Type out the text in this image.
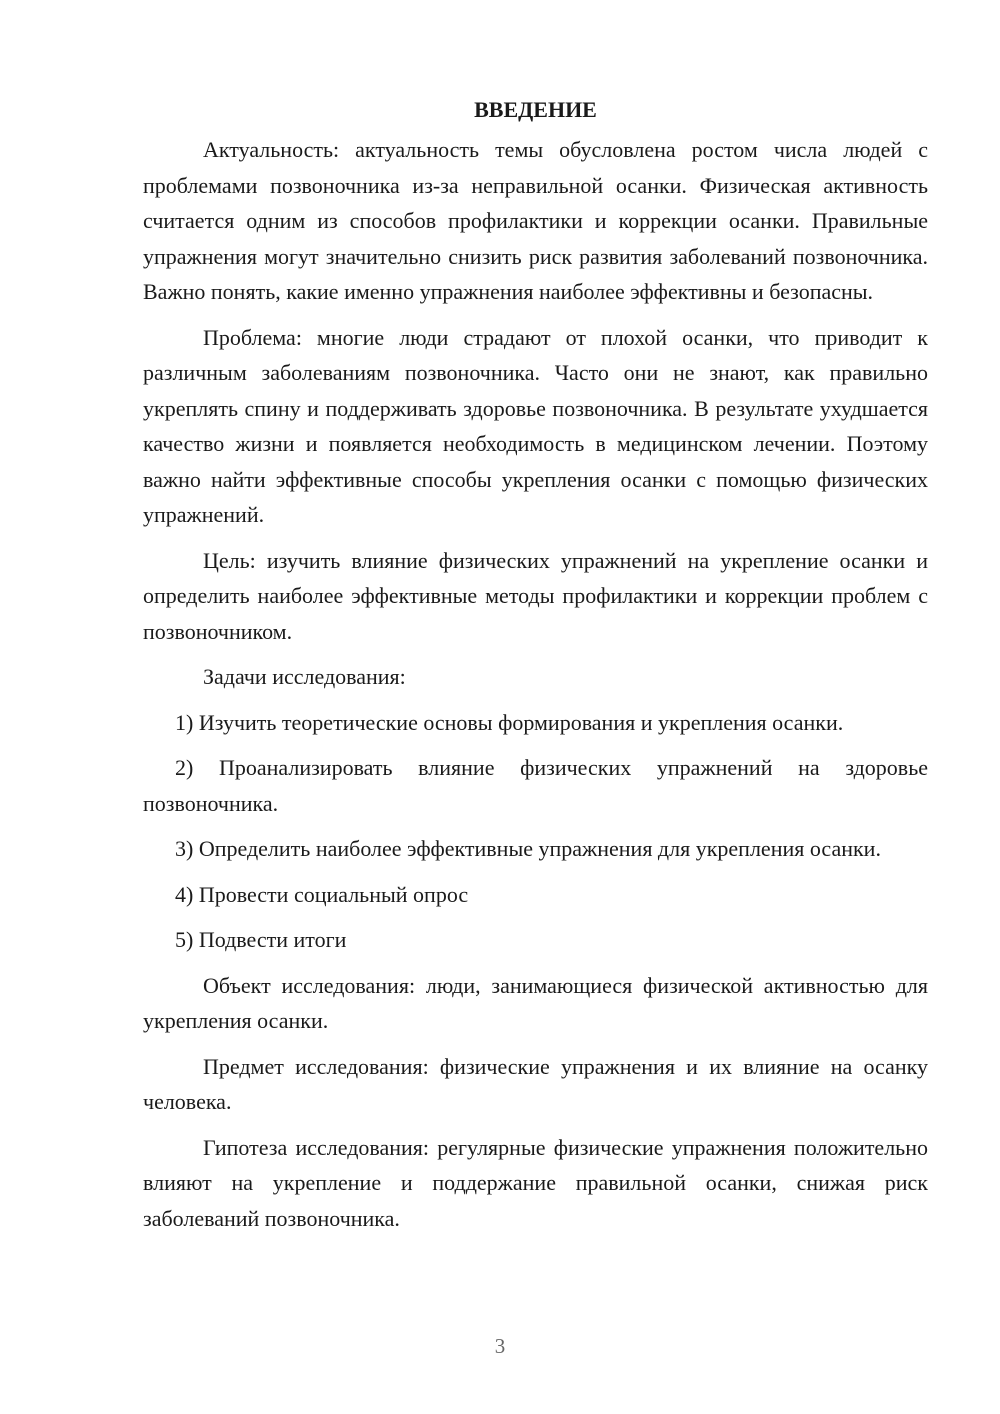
ВВЕДЕНИЕ

Актуальность: актуальность темы обусловлена ростом числа людей с проблемами позвоночника из-за неправильной осанки. Физическая активность считается одним из способов профилактики и коррекции осанки. Правильные упражнения могут значительно снизить риск развития заболеваний позвоночника. Важно понять, какие именно упражнения наиболее эффективны и безопасны.

Проблема: многие люди страдают от плохой осанки, что приводит к различным заболеваниям позвоночника. Часто они не знают, как правильно укреплять спину и поддерживать здоровье позвоночника. В результате ухудшается качество жизни и появляется необходимость в медицинском лечении. Поэтому важно найти эффективные способы укрепления осанки с помощью физических упражнений.

Цель: изучить влияние физических упражнений на укрепление осанки и определить наиболее эффективные методы профилактики и коррекции проблем с позвоночником.

Задачи исследования:

1) Изучить теоретические основы формирования и укрепления осанки.

2) Проанализировать влияние физических упражнений на здоровье позвоночника.

3) Определить наиболее эффективные упражнения для укрепления осанки.

4) Провести социальный опрос

5) Подвести итоги

Объект исследования: люди, занимающиеся физической активностью для укрепления осанки.

Предмет исследования: физические упражнения и их влияние на осанку человека.

Гипотеза исследования: регулярные физические упражнения положительно влияют на укрепление и поддержание правильной осанки, снижая риск заболеваний позвоночника.

3
